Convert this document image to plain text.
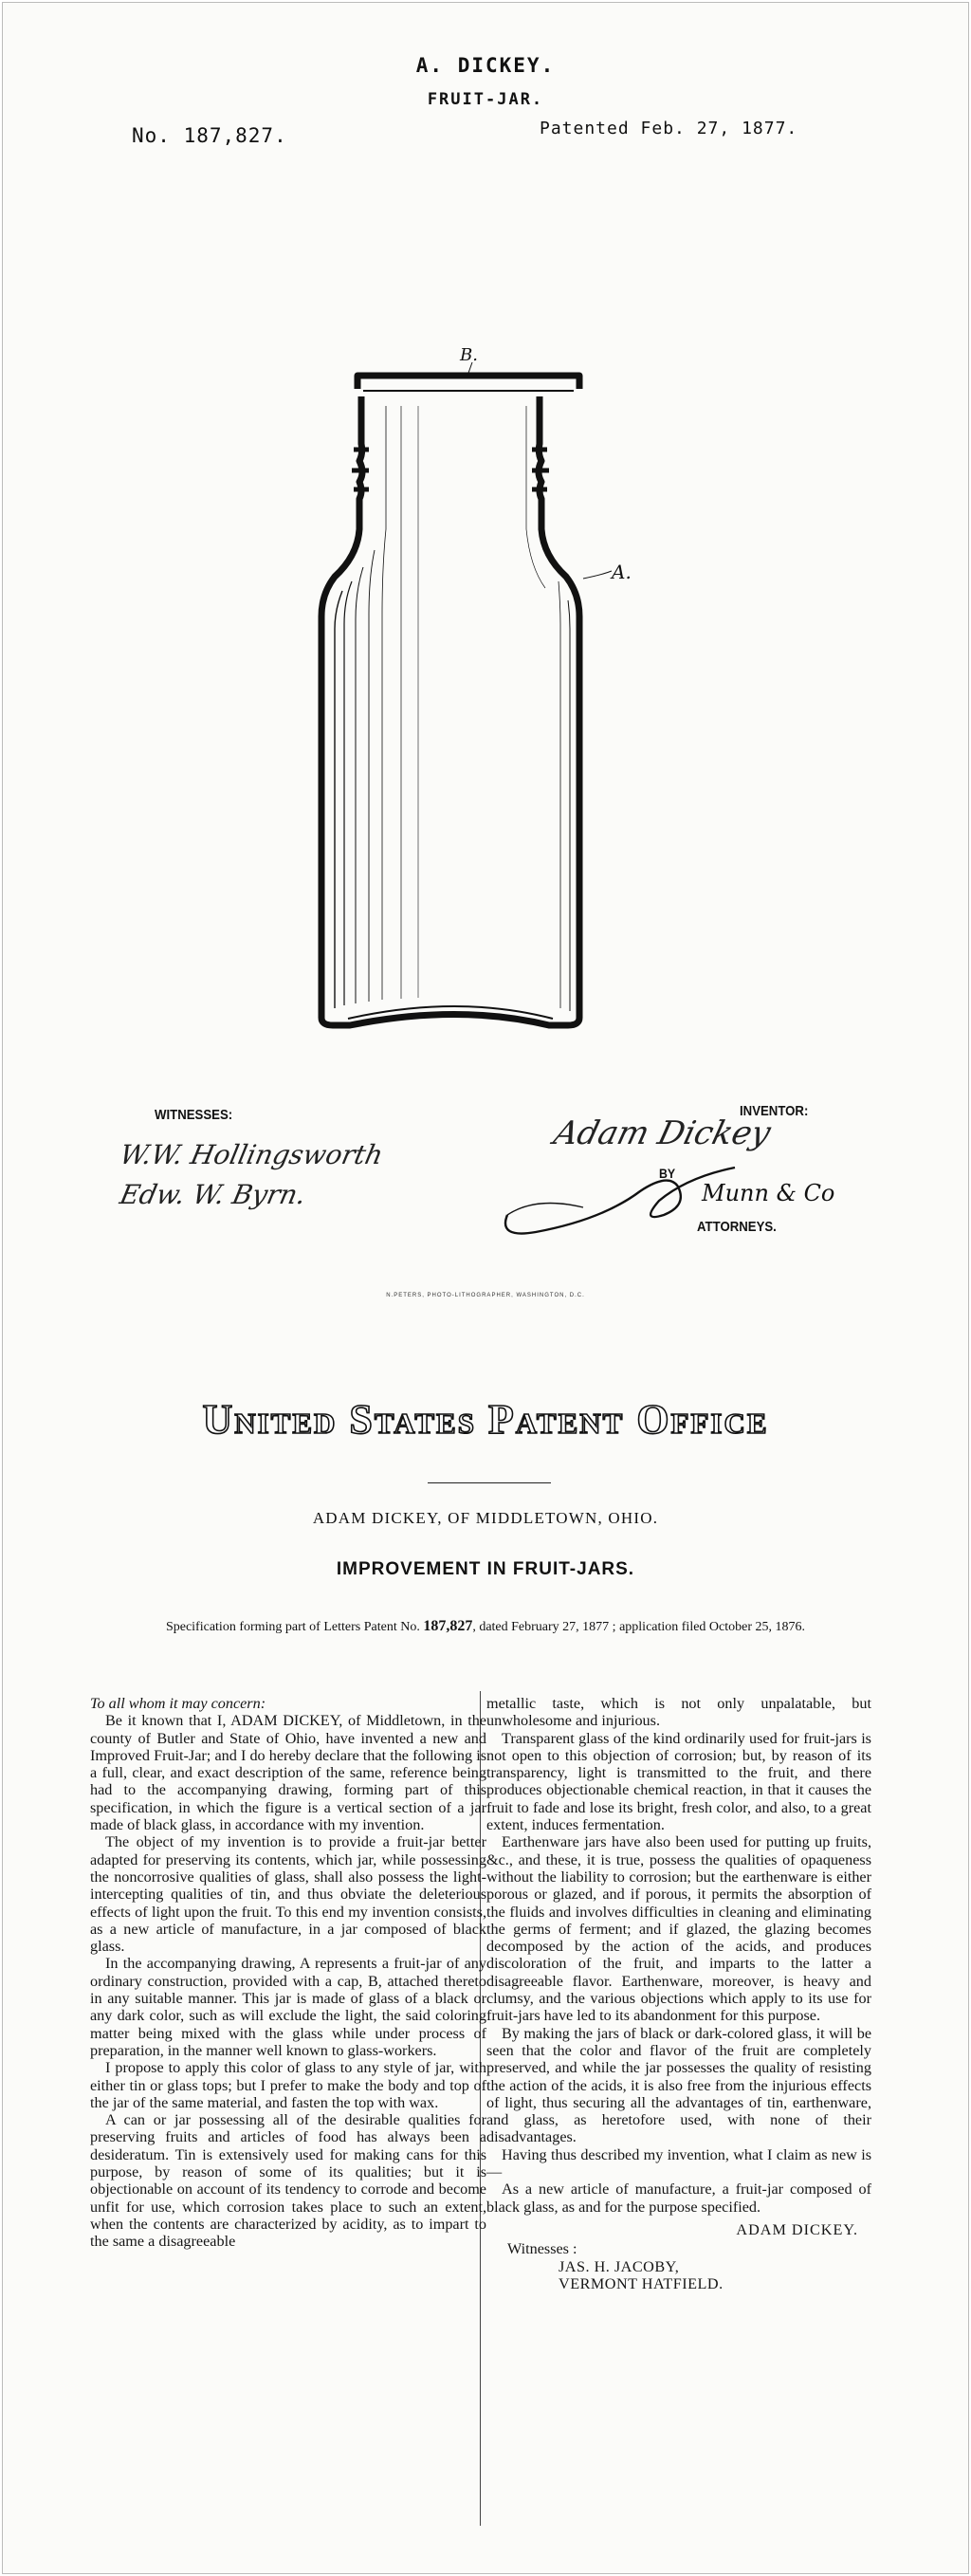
A. DICKEY.
FRUIT-JAR.
No. 187,827.	Patented Feb. 27, 1877.
B.
A.
WITNESSES:
W.W. Hollingsworth
Edw. W. Byrn.
INVENTOR:
Adam Dickey
BY
Munn & Co
ATTORNEYS.
N.PETERS, PHOTO-LITHOGRAPHER, WASHINGTON, D.C.
United States Patent Office
ADAM DICKEY, OF MIDDLETOWN, OHIO.
IMPROVEMENT IN FRUIT-JARS.
Specification forming part of Letters Patent No. 187,827, dated February 27, 1877 ; application filed October 25, 1876.

To all whom it may concern:

Be it known that I, ADAM DICKEY, of Middletown, in the county of Butler and State of Ohio, have invented a new and Improved Fruit-Jar; and I do hereby declare that the following is a full, clear, and exact description of the same, reference being had to the accompanying drawing, forming part of this specification, in which the figure is a vertical section of a jar made of black glass, in accordance with my invention.

The object of my invention is to provide a fruit-jar better adapted for preserving its contents, which jar, while possessing the noncorrosive qualities of glass, shall also possess the light-intercepting qualities of tin, and thus obviate the deleterious effects of light upon the fruit. To this end my invention consists, as a new article of manufacture, in a jar composed of black glass.

In the accompanying drawing, A represents a fruit-jar of any ordinary construction, provided with a cap, B, attached thereto in any suitable manner. This jar is made of glass of a black or any dark color, such as will exclude the light, the said coloring matter being mixed with the glass while under process of preparation, in the manner well known to glass-workers.

I propose to apply this color of glass to any style of jar, with either tin or glass tops; but I prefer to make the body and top of the jar of the same material, and fasten the top with wax.

A can or jar possessing all of the desirable qualities for preserving fruits and articles of food has always been a desideratum. Tin is extensively used for making cans for this purpose, by reason of some of its qualities; but it is objectionable on account of its tendency to corrode and become unfit for use, which corrosion takes place to such an extent, when the contents are characterized by acidity, as to impart to the same a disagreeable

metallic taste, which is not only unpalatable, but unwholesome and injurious.

Transparent glass of the kind ordinarily used for fruit-jars is not open to this objection of corrosion; but, by reason of its transparency, light is transmitted to the fruit, and there produces objectionable chemical reaction, in that it causes the fruit to fade and lose its bright, fresh color, and also, to a great extent, induces fermentation.

Earthenware jars have also been used for putting up fruits, &c., and these, it is true, possess the qualities of opaqueness without the liability to corrosion; but the earthenware is either porous or glazed, and if porous, it permits the absorption of the fluids and involves difficulties in cleaning and eliminating the germs of ferment; and if glazed, the glazing becomes decomposed by the action of the acids, and produces discoloration of the fruit, and imparts to the latter a disagreeable flavor. Earthenware, moreover, is heavy and clumsy, and the various objections which apply to its use for fruit-jars have led to its abandonment for this purpose.

By making the jars of black or dark-colored glass, it will be seen that the color and flavor of the fruit are completely preserved, and while the jar possesses the quality of resisting the action of the acids, it is also free from the injurious effects of light, thus securing all the advantages of tin, earthenware, and glass, as heretofore used, with none of their disadvantages.

Having thus described my invention, what I claim as new is—

As a new article of manufacture, a fruit-jar composed of black glass, as and for the purpose specified.

ADAM DICKEY.

Witnesses :

JAS. H. JACOBY,

VERMONT HATFIELD.
